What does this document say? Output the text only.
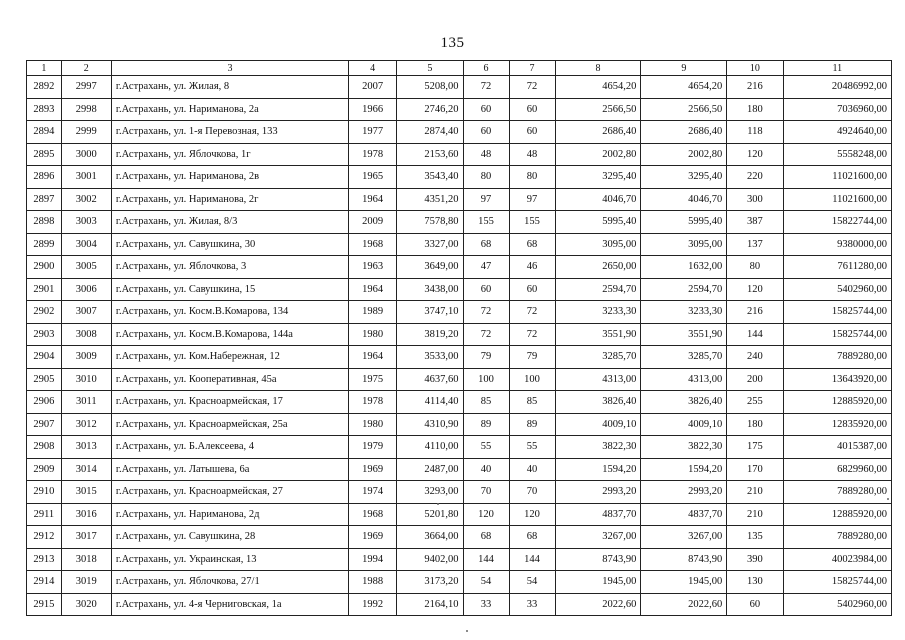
135
1	2	3	4	5	6	7	8	9	10	11
2892	2997	г.Астрахань, ул. Жилая, 8	2007	5208,00	72	72	4654,20	4654,20	216	20486992,00
2893	2998	г.Астрахань, ул. Нариманова, 2а	1966	2746,20	60	60	2566,50	2566,50	180	7036960,00
2894	2999	г.Астрахань, ул. 1-я Перевозная, 133	1977	2874,40	60	60	2686,40	2686,40	118	4924640,00
2895	3000	г.Астрахань, ул. Яблочкова, 1г	1978	2153,60	48	48	2002,80	2002,80	120	5558248,00
2896	3001	г.Астрахань, ул. Нариманова, 2в	1965	3543,40	80	80	3295,40	3295,40	220	11021600,00
2897	3002	г.Астрахань, ул. Нариманова, 2г	1964	4351,20	97	97	4046,70	4046,70	300	11021600,00
2898	3003	г.Астрахань, ул. Жилая, 8/3	2009	7578,80	155	155	5995,40	5995,40	387	15822744,00
2899	3004	г.Астрахань, ул. Савушкина, 30	1968	3327,00	68	68	3095,00	3095,00	137	9380000,00
2900	3005	г.Астрахань, ул. Яблочкова, 3	1963	3649,00	47	46	2650,00	1632,00	80	7611280,00
2901	3006	г.Астрахань, ул. Савушкина, 15	1964	3438,00	60	60	2594,70	2594,70	120	5402960,00
2902	3007	г.Астрахань, ул. Косм.В.Комарова, 134	1989	3747,10	72	72	3233,30	3233,30	216	15825744,00
2903	3008	г.Астрахань, ул. Косм.В.Комарова, 144а	1980	3819,20	72	72	3551,90	3551,90	144	15825744,00
2904	3009	г.Астрахань, ул. Ком.Набережная, 12	1964	3533,00	79	79	3285,70	3285,70	240	7889280,00
2905	3010	г.Астрахань, ул. Кооперативная, 45а	1975	4637,60	100	100	4313,00	4313,00	200	13643920,00
2906	3011	г.Астрахань, ул. Красноармейская, 17	1978	4114,40	85	85	3826,40	3826,40	255	12885920,00
2907	3012	г.Астрахань, ул. Красноармейская, 25а	1980	4310,90	89	89	4009,10	4009,10	180	12835920,00
2908	3013	г.Астрахань, ул. Б.Алексеева, 4	1979	4110,00	55	55	3822,30	3822,30	175	4015387,00
2909	3014	г.Астрахань, ул. Латышева, 6а	1969	2487,00	40	40	1594,20	1594,20	170	6829960,00
2910	3015	г.Астрахань, ул. Красноармейская, 27	1974	3293,00	70	70	2993,20	2993,20	210	7889280,00
2911	3016	г.Астрахань, ул. Нариманова, 2д	1968	5201,80	120	120	4837,70	4837,70	210	12885920,00
2912	3017	г.Астрахань, ул. Савушкина, 28	1969	3664,00	68	68	3267,00	3267,00	135	7889280,00
2913	3018	г.Астрахань, ул. Украинская, 13	1994	9402,00	144	144	8743,90	8743,90	390	40023984,00
2914	3019	г.Астрахань, ул. Яблочкова, 27/1	1988	3173,20	54	54	1945,00	1945,00	130	15825744,00
2915	3020	г.Астрахань, ул. 4-я Черниговская, 1а	1992	2164,10	33	33	2022,60	2022,60	60	5402960,00
